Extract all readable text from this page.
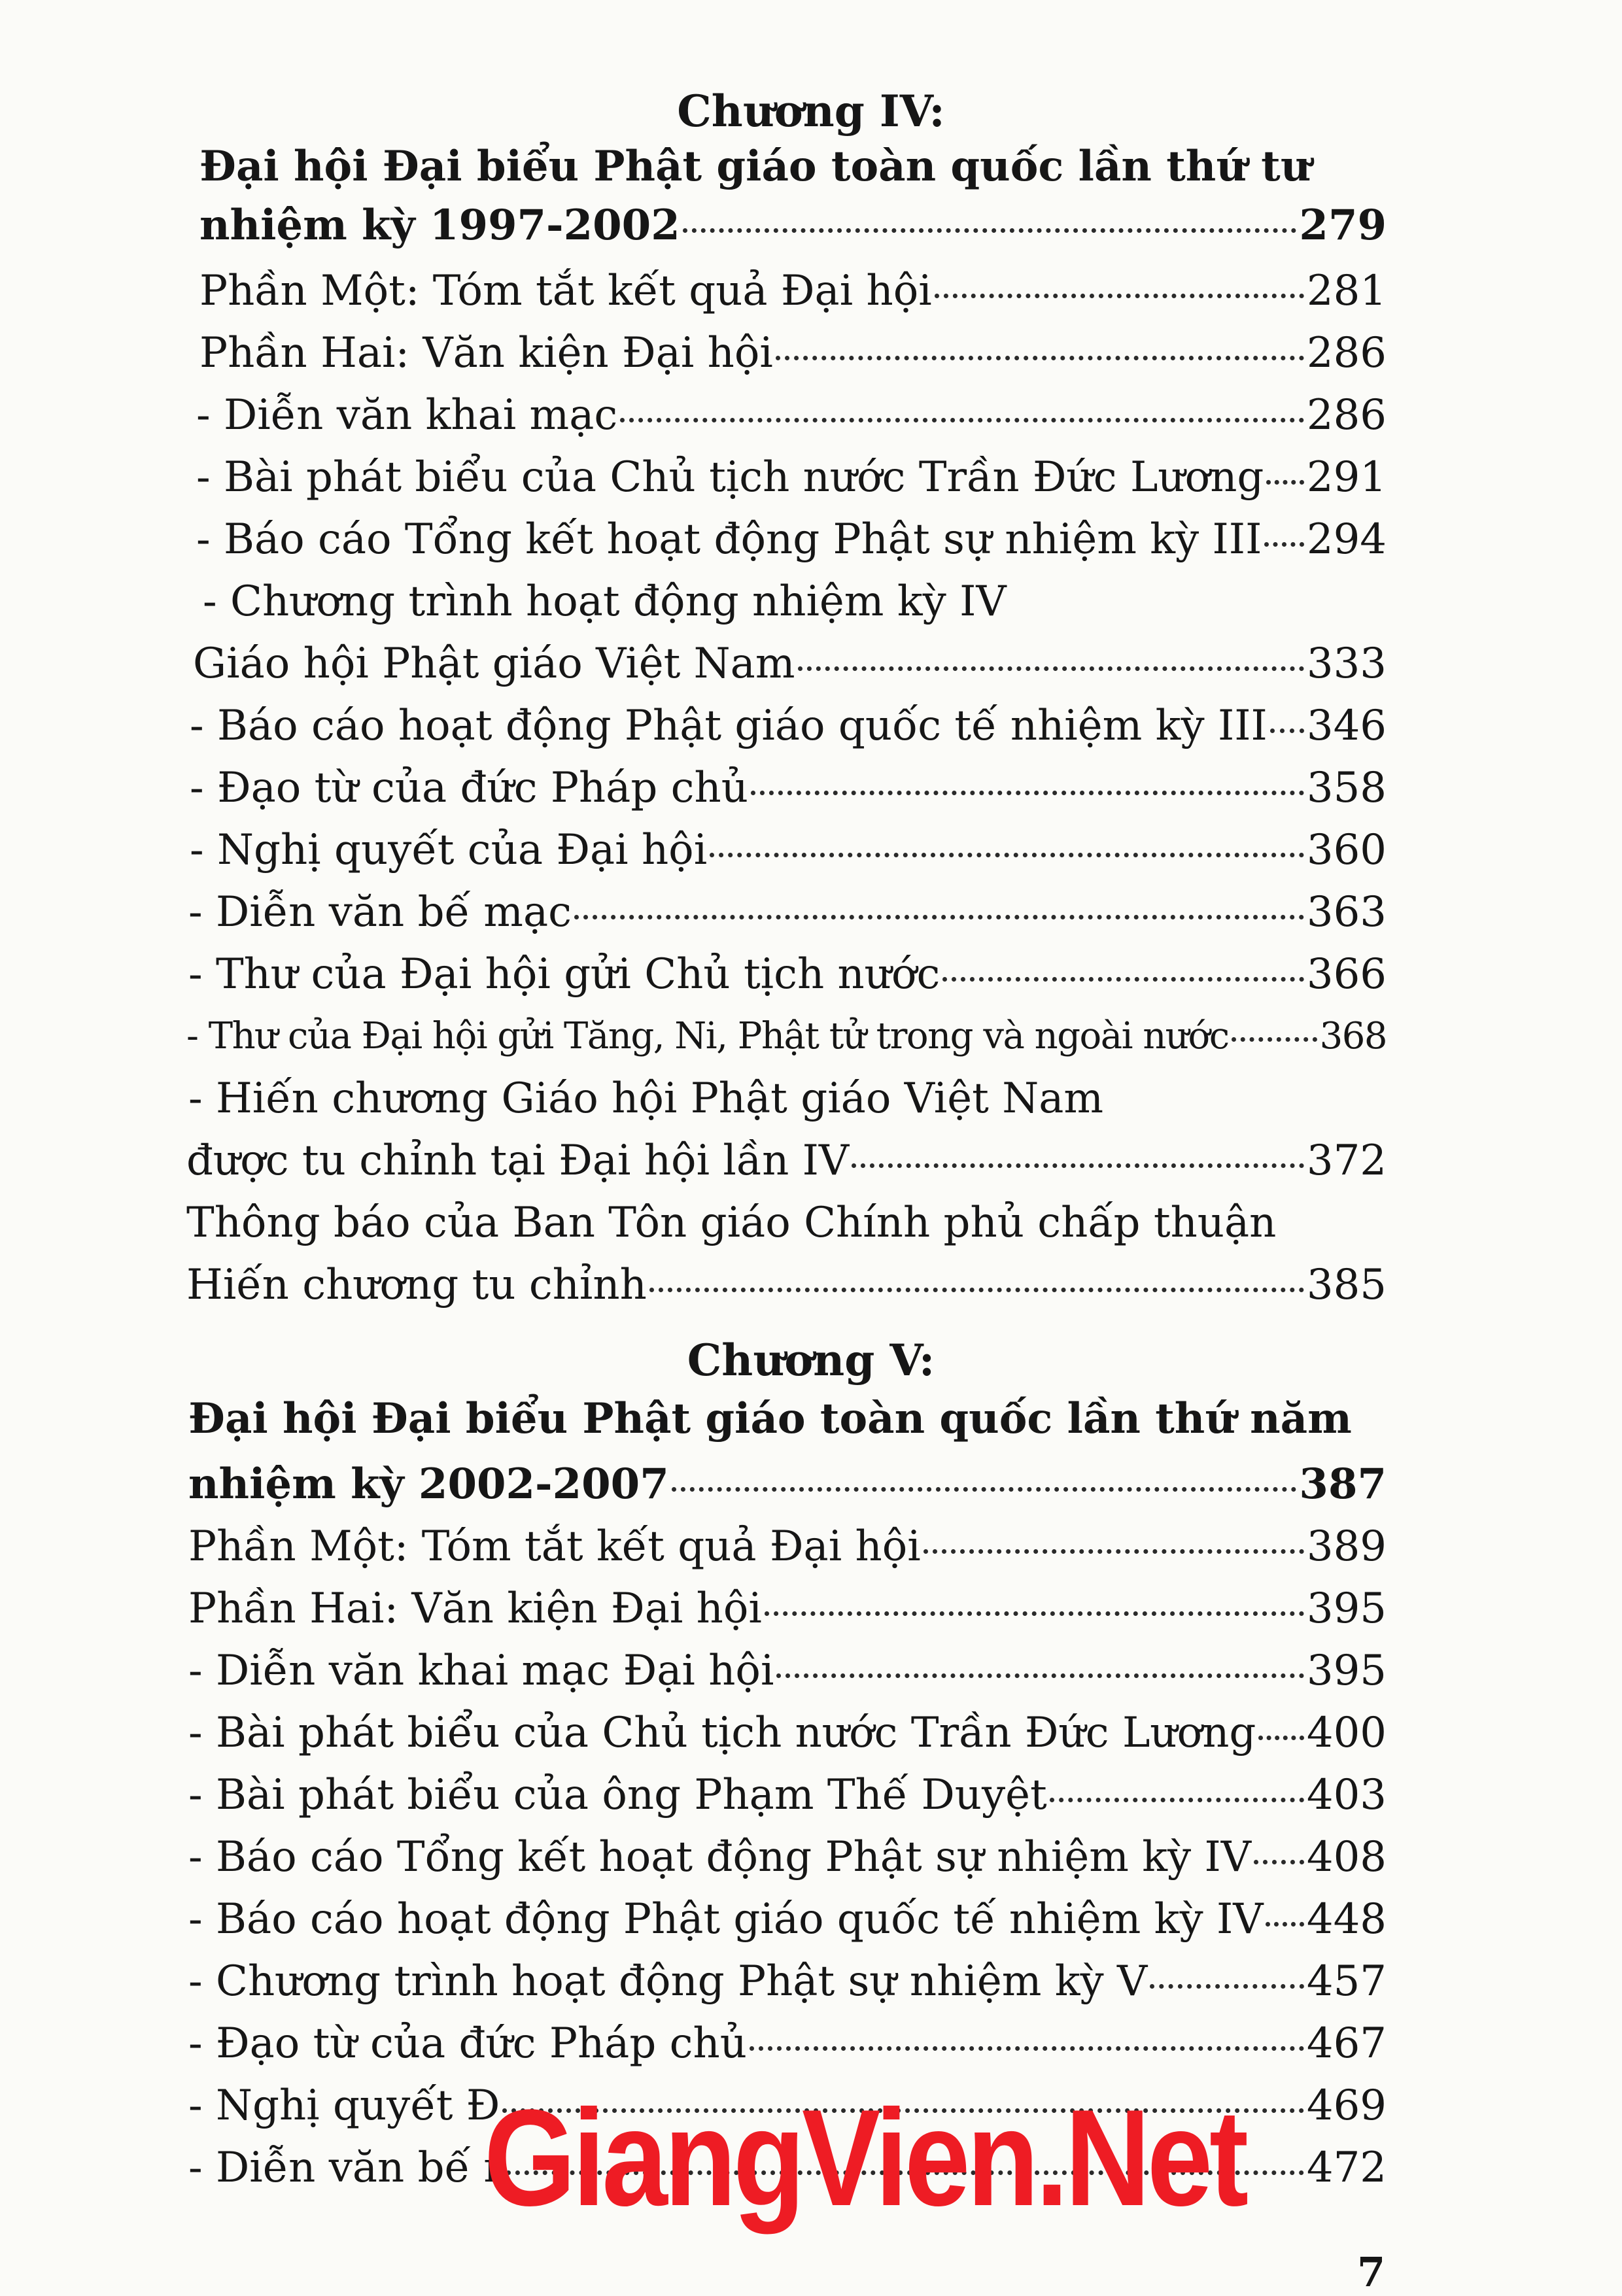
Chương IV:
Đại hội Đại biểu Phật giáo toàn quốc lần thứ tư
nhiệm kỳ 1997-2002	279
Phần Một: Tóm tắt kết quả Đại hội	281
Phần Hai: Văn kiện Đại hội	286
- Diễn văn khai mạc	286
- Bài phát biểu của Chủ tịch nước Trần Đức Lương 291
- Báo cáo Tổng kết hoạt động Phật sự nhiệm kỳ III 294
- Chương trình hoạt động nhiệm kỳ IV
Giáo hội Phật giáo Việt Nam	333
- Báo cáo hoạt động Phật giáo quốc tế nhiệm kỳ III 346
- Đạo từ của đức Pháp chủ	358
- Nghị quyết của Đại hội	360
- Diễn văn bế mạc	363
- Thư của Đại hội gửi Chủ tịch nước	366
- Thư của Đại hội gửi Tăng, Ni, Phật tử trong và ngoài nước 368
- Hiến chương Giáo hội Phật giáo Việt Nam
được tu chỉnh tại Đại hội lần IV	372
Thông báo của Ban Tôn giáo Chính phủ chấp thuận
Hiến chương tu chỉnh	385
Chương V:
Đại hội Đại biểu Phật giáo toàn quốc lần thứ năm
nhiệm kỳ 2002-2007	387
Phần Một: Tóm tắt kết quả Đại hội	389
Phần Hai: Văn kiện Đại hội	395
- Diễn văn khai mạc Đại hội	395
- Bài phát biểu của Chủ tịch nước Trần Đức Lương 400
- Bài phát biểu của ông Phạm Thế Duyệt	403
- Báo cáo Tổng kết hoạt động Phật sự nhiệm kỳ IV 408
- Báo cáo hoạt động Phật giáo quốc tế nhiệm kỳ IV 448
- Chương trình hoạt động Phật sự nhiệm kỳ V	457
- Đạo từ của đức Pháp chủ	467
- Nghị quyết Đ	469
- Diễn văn bế r	472
GiangVien.Net
7
